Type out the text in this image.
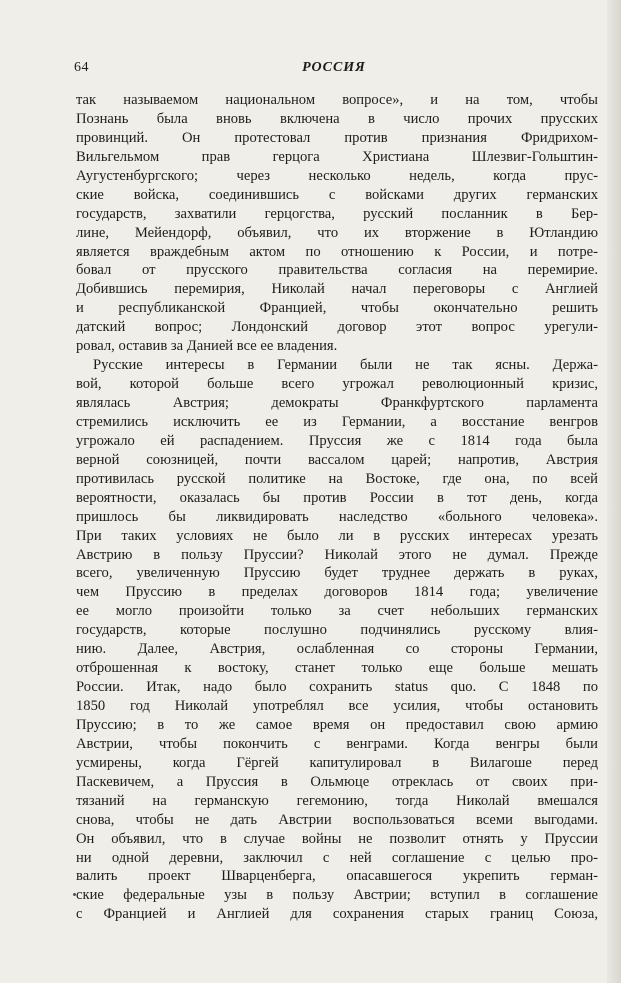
64	РОССИЯ
так называемом национальном вопросе», и на том, чтобы
Познань была вновь включена в число прочих прусских
провинций. Он протестовал против признания Фридрихом-
Вильгельмом прав герцога Христиана Шлезвиг-Гольштин-
Аугустенбургского; через несколько недель, когда прус-
ские войска, соединившись с войсками других германских
государств, захватили герцогства, русский посланник в Бер-
лине, Мейендорф, объявил, что их вторжение в Ютландию
является враждебным актом по отношению к России, и потре-
бовал от прусского правительства согласия на перемирие.
Добившись перемирия, Николай начал переговоры с Англией
и республиканской Францией, чтобы окончательно решить
датский вопрос; Лондонский договор этот вопрос урегули-
ровал, оставив за Данией все ее владения.
Русские интересы в Германии были не так ясны. Держа-
вой, которой больше всего угрожал революционный кризис,
являлась Австрия; демократы Франкфуртского парламента
стремились исключить ее из Германии, а восстание венгров
угрожало ей распадением. Пруссия же с 1814 года была
верной союзницей, почти вассалом царей; напротив, Австрия
противилась русской политике на Востоке, где она, по всей
вероятности, оказалась бы против России в тот день, когда
пришлось бы ликвидировать наследство «больного человека».
При таких условиях не было ли в русских интересах урезать
Австрию в пользу Пруссии? Николай этого не думал. Прежде
всего, увеличенную Пруссию будет труднее держать в руках,
чем Пруссию в пределах договоров 1814 года; увеличение
ее могло произойти только за счет небольших германских
государств, которые послушно подчинялись русскому влия-
нию. Далее, Австрия, ослабленная со стороны Германии,
отброшенная к востоку, станет только еще больше мешать
России. Итак, надо было сохранить status quo. С 1848 по
1850 год Николай употреблял все усилия, чтобы остановить
Пруссию; в то же самое время он предоставил свою армию
Австрии, чтобы покончить с венграми. Когда венгры были
усмирены, когда Гёргей капитулировал в Вилагоше перед
Паскевичем, а Пруссия в Ольмюце отреклась от своих при-
тязаний на германскую гегемонию, тогда Николай вмешался
снова, чтобы не дать Австрии воспользоваться всеми выгодами.
Он объявил, что в случае войны не позволит отнять у Пруссии
ни одной деревни, заключил с ней соглашение с целью про-
валить проект Шварценберга, опасавшегося укрепить герман-
ские федеральные узы в пользу Австрии; вступил в соглашение
с Францией и Англией для сохранения старых границ Союза,
